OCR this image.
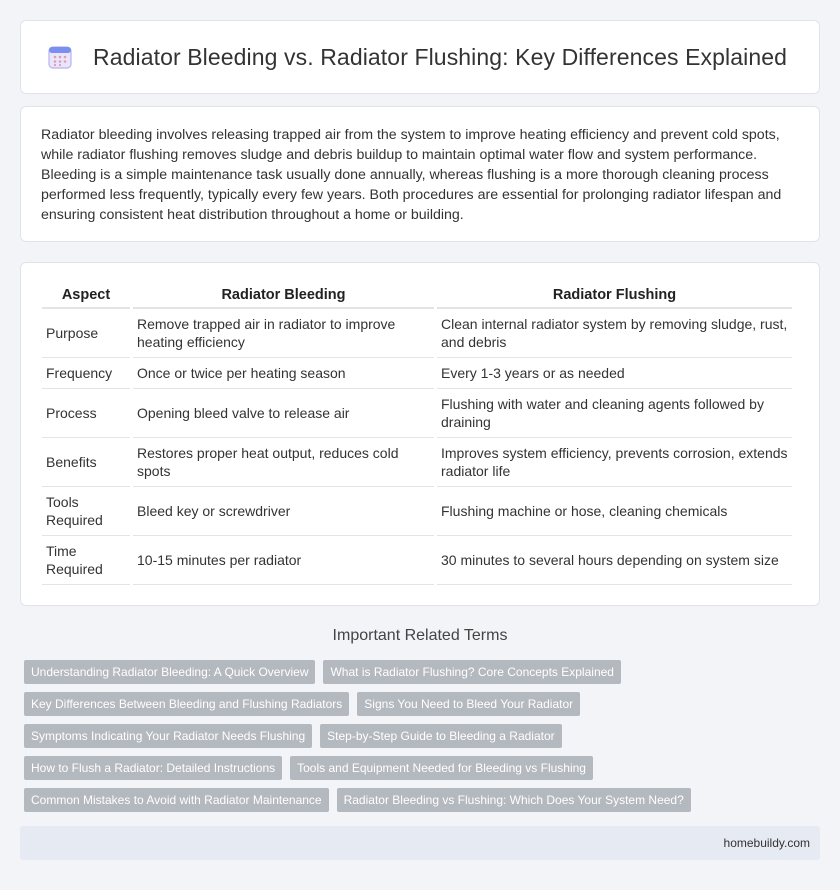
Radiator Bleeding vs. Radiator Flushing: Key Differences Explained

Radiator bleeding involves releasing trapped air from the system to improve heating efficiency and prevent cold spots, while radiator flushing removes sludge and debris buildup to maintain optimal water flow and system performance. Bleeding is a simple maintenance task usually done annually, whereas flushing is a more thorough cleaning process performed less frequently, typically every few years. Both procedures are essential for prolonging radiator lifespan and ensuring consistent heat distribution throughout a home or building.

Aspect	Radiator Bleeding	Radiator Flushing
Purpose	Remove trapped air in radiator to improve heating efficiency	Clean internal radiator system by removing sludge, rust, and debris
Frequency	Once or twice per heating season	Every 1-3 years or as needed
Process	Opening bleed valve to release air	Flushing with water and cleaning agents followed by draining
Benefits	Restores proper heat output, reduces cold spots	Improves system efficiency, prevents corrosion, extends radiator life
Tools Required	Bleed key or screwdriver	Flushing machine or hose, cleaning chemicals
Time Required	10-15 minutes per radiator	30 minutes to several hours depending on system size
Important Related Terms
Understanding Radiator Bleeding: A Quick Overview	What is Radiator Flushing? Core Concepts Explained
Key Differences Between Bleeding and Flushing Radiators	Signs You Need to Bleed Your Radiator
Symptoms Indicating Your Radiator Needs Flushing	Step-by-Step Guide to Bleeding a Radiator
How to Flush a Radiator: Detailed Instructions	Tools and Equipment Needed for Bleeding vs Flushing
Common Mistakes to Avoid with Radiator Maintenance	Radiator Bleeding vs Flushing: Which Does Your System Need?
homebuildy.com
